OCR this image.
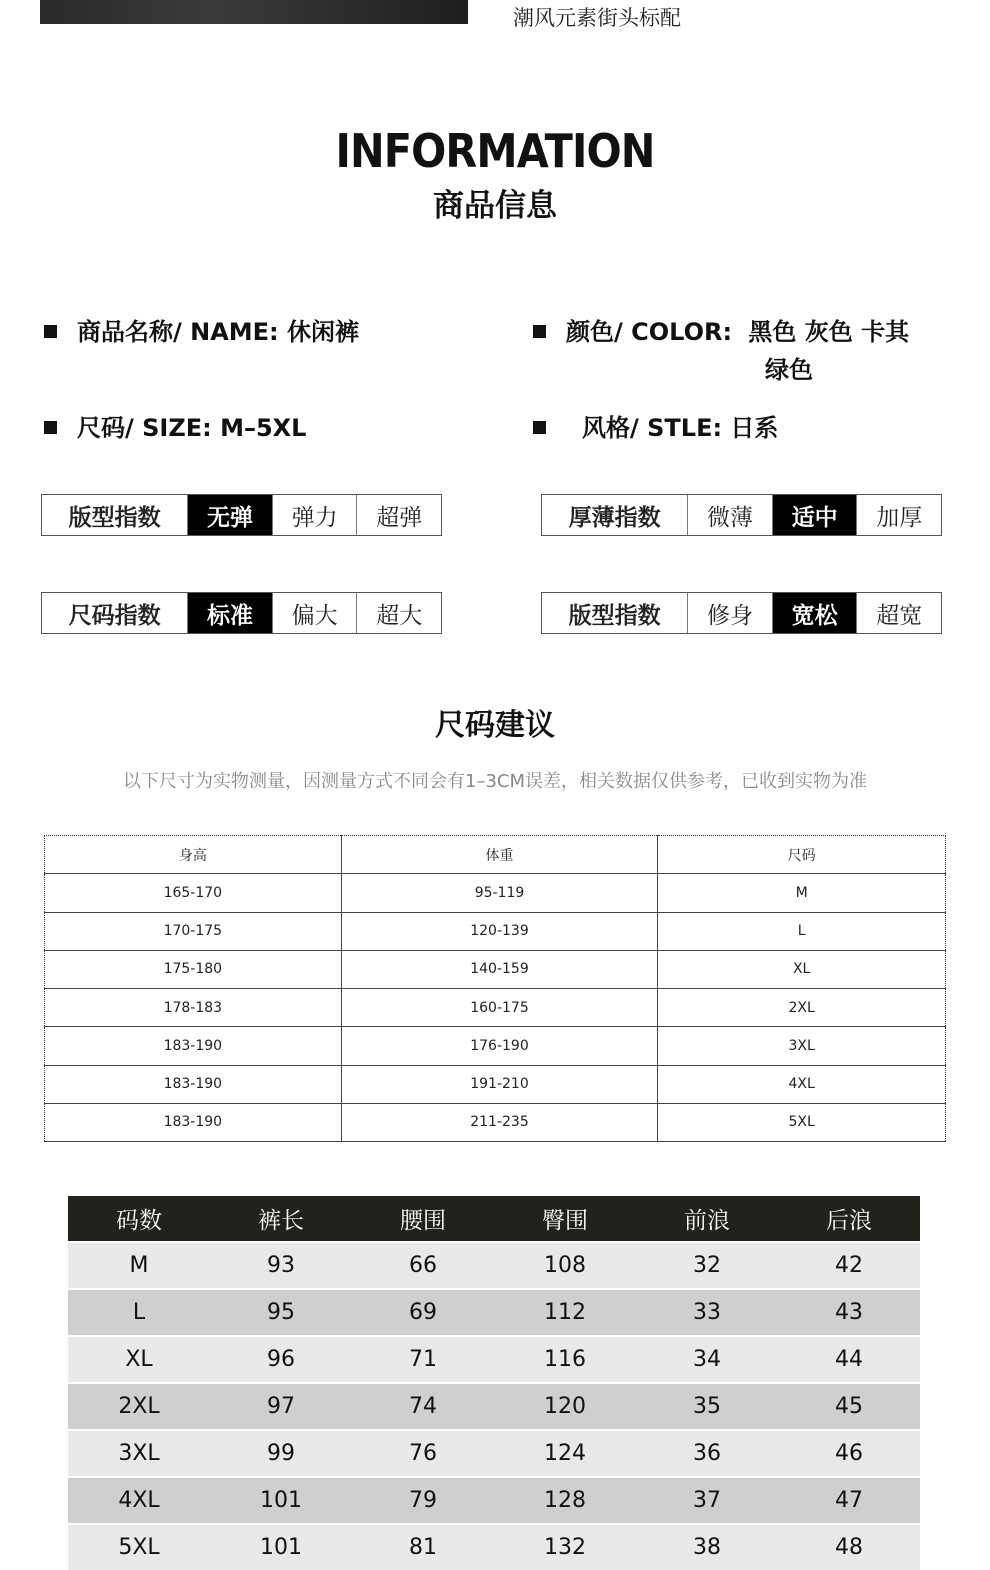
潮风元素街头标配
INFORMATION
商品信息
商品名称/ NAME: 休闲裤	颜色/ COLOR: 黑色 灰色 卡其
绿色
尺码/ SIZE: M–5XL	风格/ STLE: 日系
版型指数	无弹	弹力	超弹	厚薄指数	微薄	适中	加厚
尺码指数	标准	偏大	超大	版型指数	修身	宽松	超宽
尺码建议
以下尺寸为实物测量，因测量方式不同会有1–3CM误差，相关数据仅供参考，已收到实物为准
身高	体重	尺码
165-170	95-119	M
170-175	120-139	L
175-180	140-159	XL
178-183	160-175	2XL
183-190	176-190	3XL
183-190	191-210	4XL
183-190	211-235	5XL
码数	裤长	腰围	臀围	前浪	后浪
M	93	66	108	32	42
L	95	69	112	33	43
XL	96	71	116	34	44
2XL	97	74	120	35	45
3XL	99	76	124	36	46
4XL	101	79	128	37	47
5XL	101	81	132	38	48
